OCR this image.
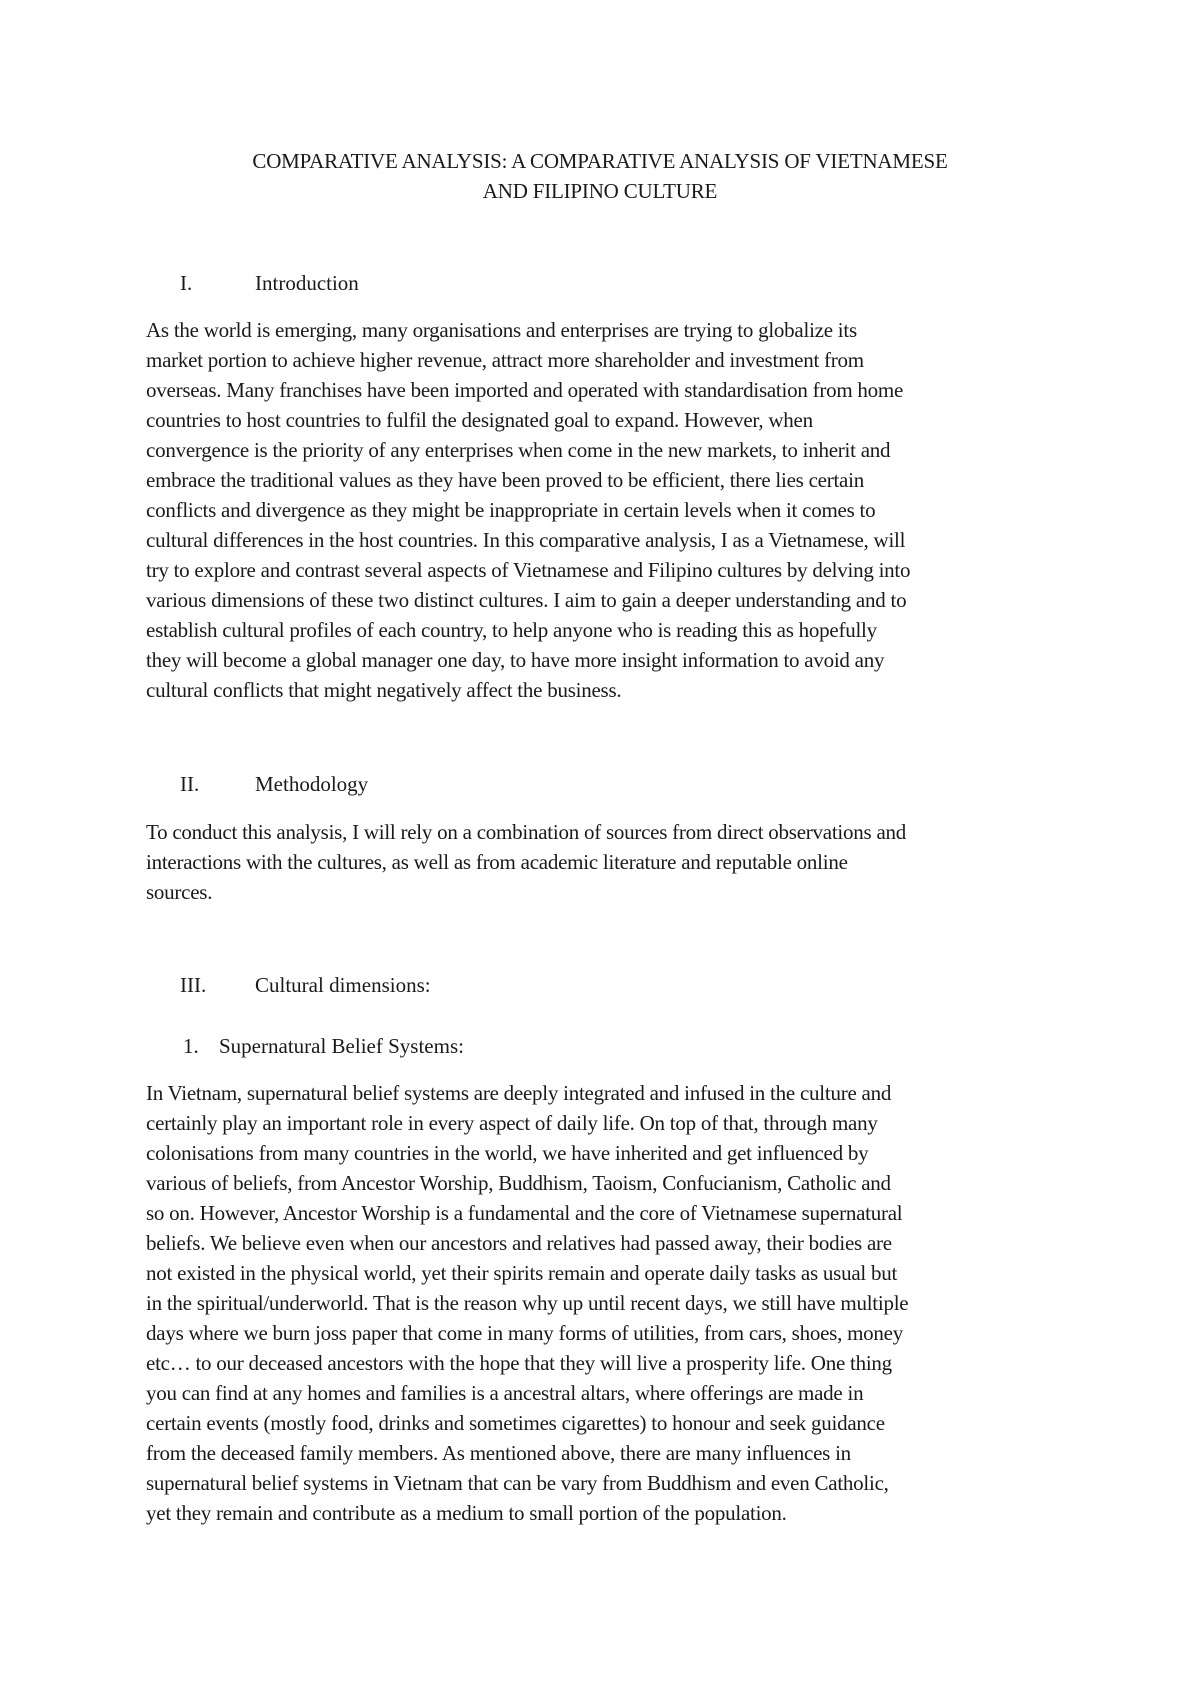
COMPARATIVE ANALYSIS: A COMPARATIVE ANALYSIS OF VIETNAMESE
AND FILIPINO CULTURE
I.	Introduction
As the world is emerging, many organisations and enterprises are trying to globalize its
market portion to achieve higher revenue, attract more shareholder and investment from
overseas. Many franchises have been imported and operated with standardisation from home
countries to host countries to fulfil the designated goal to expand. However, when
convergence is the priority of any enterprises when come in the new markets, to inherit and
embrace the traditional values as they have been proved to be efficient, there lies certain
conflicts and divergence as they might be inappropriate in certain levels when it comes to
cultural differences in the host countries. In this comparative analysis, I as a Vietnamese, will
try to explore and contrast several aspects of Vietnamese and Filipino cultures by delving into
various dimensions of these two distinct cultures. I aim to gain a deeper understanding and to
establish cultural profiles of each country, to help anyone who is reading this as hopefully
they will become a global manager one day, to have more insight information to avoid any
cultural conflicts that might negatively affect the business.
II.	Methodology
To conduct this analysis, I will rely on a combination of sources from direct observations and
interactions with the cultures, as well as from academic literature and reputable online
sources.
III. Cultural dimensions:
1. Supernatural Belief Systems:
In Vietnam, supernatural belief systems are deeply integrated and infused in the culture and
certainly play an important role in every aspect of daily life. On top of that, through many
colonisations from many countries in the world, we have inherited and get influenced by
various of beliefs, from Ancestor Worship, Buddhism, Taoism, Confucianism, Catholic and
so on. However, Ancestor Worship is a fundamental and the core of Vietnamese supernatural
beliefs. We believe even when our ancestors and relatives had passed away, their bodies are
not existed in the physical world, yet their spirits remain and operate daily tasks as usual but
in the spiritual/underworld. That is the reason why up until recent days, we still have multiple
days where we burn joss paper that come in many forms of utilities, from cars, shoes, money
etc… to our deceased ancestors with the hope that they will live a prosperity life. One thing
you can find at any homes and families is a ancestral altars, where offerings are made in
certain events (mostly food, drinks and sometimes cigarettes) to honour and seek guidance
from the deceased family members. As mentioned above, there are many influences in
supernatural belief systems in Vietnam that can be vary from Buddhism and even Catholic,
yet they remain and contribute as a medium to small portion of the population.
